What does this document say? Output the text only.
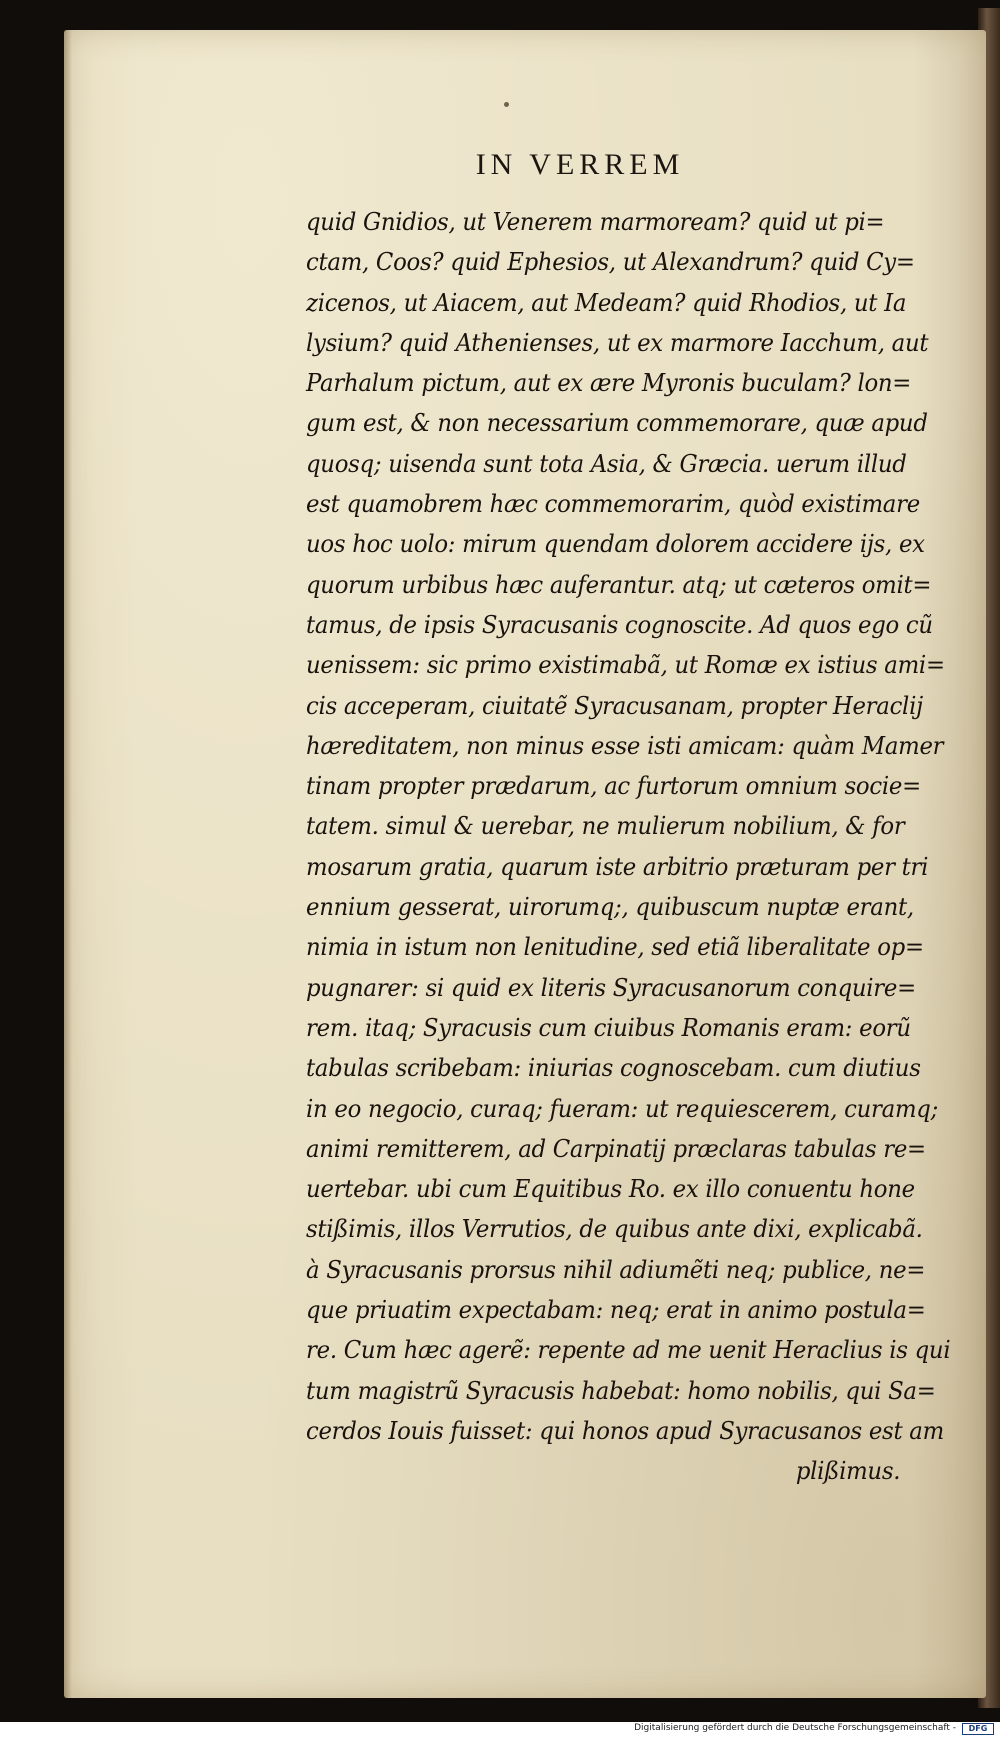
IN VERREM
quid Gnidios, ut Venerem marmoream? quid ut pi=
ctam, Coos? quid Ephesios, ut Alexandrum? quid Cy=
zicenos, ut Aiacem, aut Medeam? quid Rhodios, ut Ia
lysium? quid Athenienses, ut ex marmore Iacchum, aut
Parhalum pictum, aut ex ære Myronis buculam? lon=
gum est, & non necessarium commemorare, quæ apud
quosq; uisenda sunt tota Asia, & Græcia. uerum illud
est quamobrem hæc commemorarim, quòd existimare
uos hoc uolo: mirum quendam dolorem accidere ijs, ex
quorum urbibus hæc auferantur. atq; ut cæteros omit=
tamus, de ipsis Syracusanis cognoscite. Ad quos ego cũ
uenissem: sic primo existimabã, ut Romæ ex istius ami=
cis acceperam, ciuitatẽ Syracusanam, propter Heraclij
hæreditatem, non minus esse isti amicam: quàm Mamer
tinam propter prædarum, ac furtorum omnium socie=
tatem. simul & uerebar, ne mulierum nobilium, & for
mosarum gratia, quarum iste arbitrio præturam per tri
ennium gesserat, uirorumq;, quibuscum nuptæ erant,
nimia in istum non lenitudine, sed etiã liberalitate op=
pugnarer: si quid ex literis Syracusanorum conquire=
rem. itaq; Syracusis cum ciuibus Romanis eram: eorũ
tabulas scribebam: iniurias cognoscebam. cum diutius
in eo negocio, curaq; fueram: ut requiescerem, curamq;
animi remitterem, ad Carpinatij præclaras tabulas re=
uertebar. ubi cum Equitibus Ro. ex illo conuentu hone
stißimis, illos Verrutios, de quibus ante dixi, explicabã.
à Syracusanis prorsus nihil adiumẽti neq; publice, ne=
que priuatim expectabam: neq; erat in animo postula=
re. Cum hæc agerẽ: repente ad me uenit Heraclius is qui
tum magistrũ Syracusis habebat: homo nobilis, qui Sa=
cerdos Iouis fuisset: qui honos apud Syracusanos est am
plißimus.
Digitalisierung gefördert durch die Deutsche Forschungsgemeinschaft -	DFG
